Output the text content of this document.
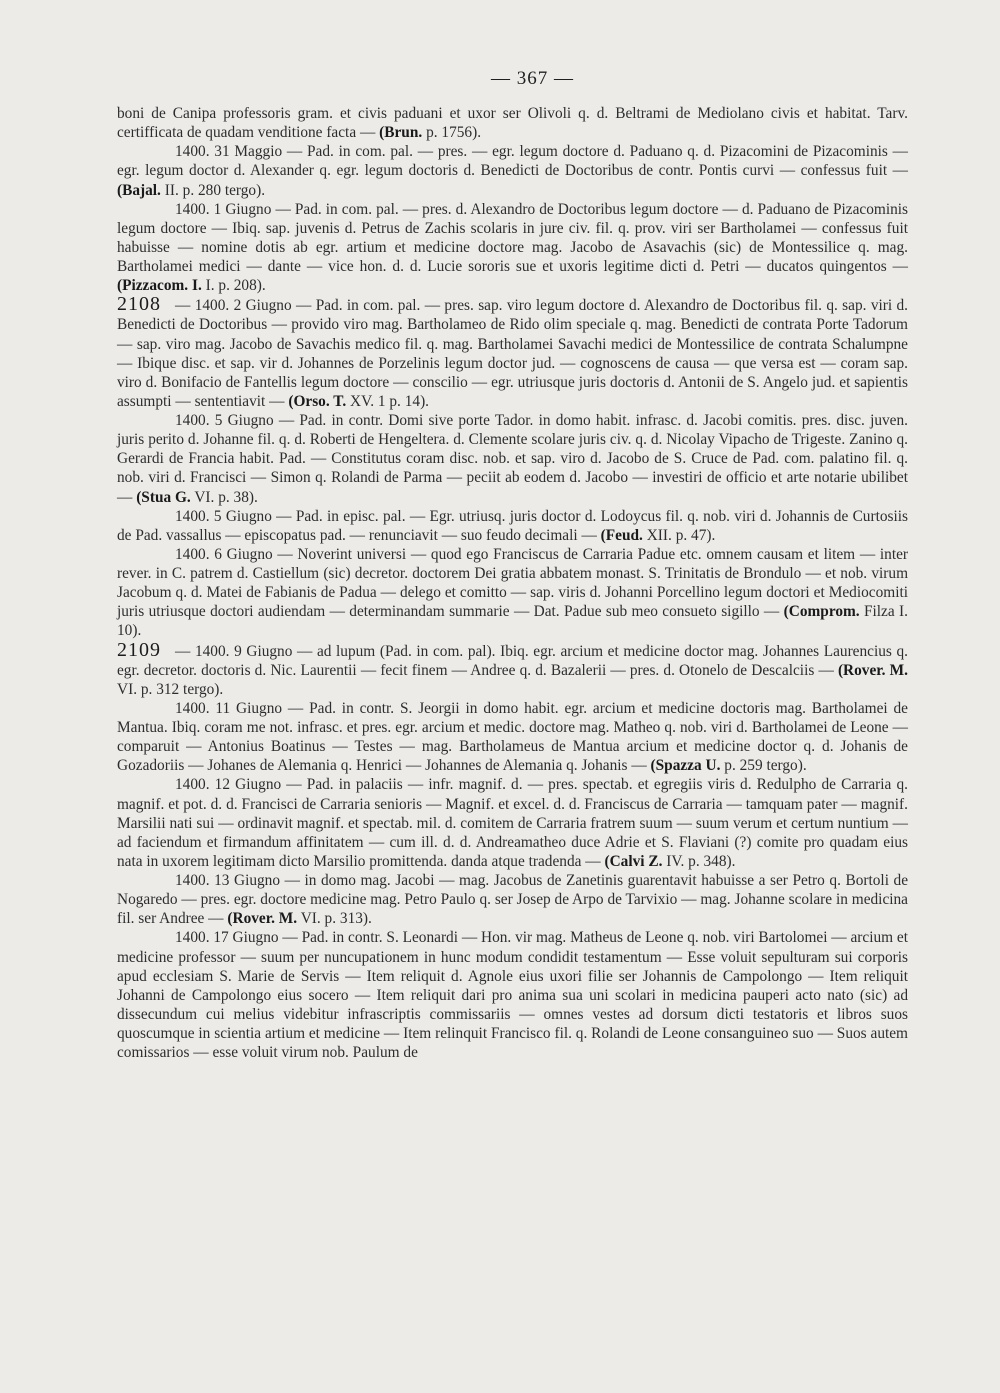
— 367 —

boni de Canipa professoris gram. et civis paduani et uxor ser Olivoli q. d. Beltrami de Mediolano civis et habitat. Tarv. certifficata de quadam venditione facta — (Brun. p. 1756).

1400. 31 Maggio — Pad. in com. pal. — pres. — egr. legum doctore d. Paduano q. d. Pizacomini de Pizacominis — egr. legum doctor d. Alexander q. egr. legum doctoris d. Benedicti de Doctoribus de contr. Pontis curvi — confessus fuit — (Bajal. II. p. 280 tergo).

1400. 1 Giugno — Pad. in com. pal. — pres. d. Alexandro de Doctoribus legum doctore — d. Paduano de Pizacominis legum doctore — Ibiq. sap. juvenis d. Petrus de Zachis scolaris in jure civ. fil. q. prov. viri ser Bartholamei — confessus fuit habuisse — nomine dotis ab egr. artium et medicine doctore mag. Jacobo de Asavachis (sic) de Montessilice q. mag. Bartholamei medici — dante — vice hon. d. d. Lucie sororis sue et uxoris legitime dicti d. Petri — ducatos quingentos — (Pizzacom. I. I. p. 208).

2108 — 1400. 2 Giugno — Pad. in com. pal. — pres. sap. viro legum doctore d. Alexandro de Doctoribus fil. q. sap. viri d. Benedicti de Doctoribus — provido viro mag. Bartholameo de Rido olim speciale q. mag. Benedicti de contrata Porte Tadorum — sap. viro mag. Jacobo de Savachis medico fil. q. mag. Bartholamei Savachi medici de Montessilice de contrata Schalumpne — Ibique disc. et sap. vir d. Johannes de Porzelinis legum doctor jud. — cognoscens de causa — que versa est — coram sap. viro d. Bonifacio de Fantellis legum doctore — conscilio — egr. utriusque juris doctoris d. Antonii de S. Angelo jud. et sapientis assumpti — sententiavit — (Orso. T. XV. 1 p. 14).

1400. 5 Giugno — Pad. in contr. Domi sive porte Tador. in domo habit. infrasc. d. Jacobi comitis. pres. disc. juven. juris perito d. Johanne fil. q. d. Roberti de Hengeltera. d. Clemente scolare juris civ. q. d. Nicolay Vipacho de Trigeste. Zanino q. Gerardi de Francia habit. Pad. — Constitutus coram disc. nob. et sap. viro d. Jacobo de S. Cruce de Pad. com. palatino fil. q. nob. viri d. Francisci — Simon q. Rolandi de Parma — peciit ab eodem d. Jacobo — investiri de officio et arte notarie ubilibet — (Stua G. VI. p. 38).

1400. 5 Giugno — Pad. in episc. pal. — Egr. utriusq. juris doctor d. Lodoycus fil. q. nob. viri d. Johannis de Curtosiis de Pad. vassallus — episcopatus pad. — renunciavit — suo feudo decimali — (Feud. XII. p. 47).

1400. 6 Giugno — Noverint universi — quod ego Franciscus de Carraria Padue etc. omnem causam et litem — inter rever. in C. patrem d. Castiellum (sic) decretor. doctorem Dei gratia abbatem monast. S. Trinitatis de Brondulo — et nob. virum Jacobum q. d. Matei de Fabianis de Padua — delego et comitto — sap. viris d. Johanni Porcellino legum doctori et Mediocomiti juris utriusque doctori audiendam — determinandam summarie — Dat. Padue sub meo consueto sigillo — (Comprom. Filza I. 10).

2109 — 1400. 9 Giugno — ad lupum (Pad. in com. pal). Ibiq. egr. arcium et medicine doctor mag. Johannes Laurencius q. egr. decretor. doctoris d. Nic. Laurentii — fecit finem — Andree q. d. Bazalerii — pres. d. Otonelo de Descalciis — (Rover. M. VI. p. 312 tergo).

1400. 11 Giugno — Pad. in contr. S. Jeorgii in domo habit. egr. arcium et medicine doctoris mag. Bartholamei de Mantua. Ibiq. coram me not. infrasc. et pres. egr. arcium et medic. doctore mag. Matheo q. nob. viri d. Bartholamei de Leone — comparuit — Antonius Boatinus — Testes — mag. Bartholameus de Mantua arcium et medicine doctor q. d. Johanis de Gozadoriis — Johanes de Alemania q. Henrici — Johannes de Alemania q. Johanis — (Spazza U. p. 259 tergo).

1400. 12 Giugno — Pad. in palaciis — infr. magnif. d. — pres. spectab. et egregiis viris d. Redulpho de Carraria q. magnif. et pot. d. d. Francisci de Carraria senioris — Magnif. et excel. d. d. Franciscus de Carraria — tamquam pater — magnif. Marsilii nati sui — ordinavit magnif. et spectab. mil. d. comitem de Carraria fratrem suum — suum verum et certum nuntium — ad faciendum et firmandum affinitatem — cum ill. d. d. Andreamatheo duce Adrie et S. Flaviani (?) comite pro quadam eius nata in uxorem legitimam dicto Marsilio promittenda. danda atque tradenda — (Calvi Z. IV. p. 348).

1400. 13 Giugno — in domo mag. Jacobi — mag. Jacobus de Zanetinis guarentavit habuisse a ser Petro q. Bortoli de Nogaredo — pres. egr. doctore medicine mag. Petro Paulo q. ser Josep de Arpo de Tarvixio — mag. Johanne scolare in medicina fil. ser Andree — (Rover. M. VI. p. 313).

1400. 17 Giugno — Pad. in contr. S. Leonardi — Hon. vir mag. Matheus de Leone q. nob. viri Bartolomei — arcium et medicine professor — suum per nuncupationem in hunc modum condidit testamentum — Esse voluit sepulturam sui corporis apud ecclesiam S. Marie de Servis — Item reliquit d. Agnole eius uxori filie ser Johannis de Campolongo — Item reliquit Johanni de Campolongo eius socero — Item reliquit dari pro anima sua uni scolari in medicina pauperi acto nato (sic) ad dissecundum cui melius videbitur infrascriptis commissariis — omnes vestes ad dorsum dicti testatoris et libros suos quoscumque in scientia artium et medicine — Item relinquit Francisco fil. q. Rolandi de Leone consanguineo suo — Suos autem comissarios — esse voluit virum nob. Paulum de
